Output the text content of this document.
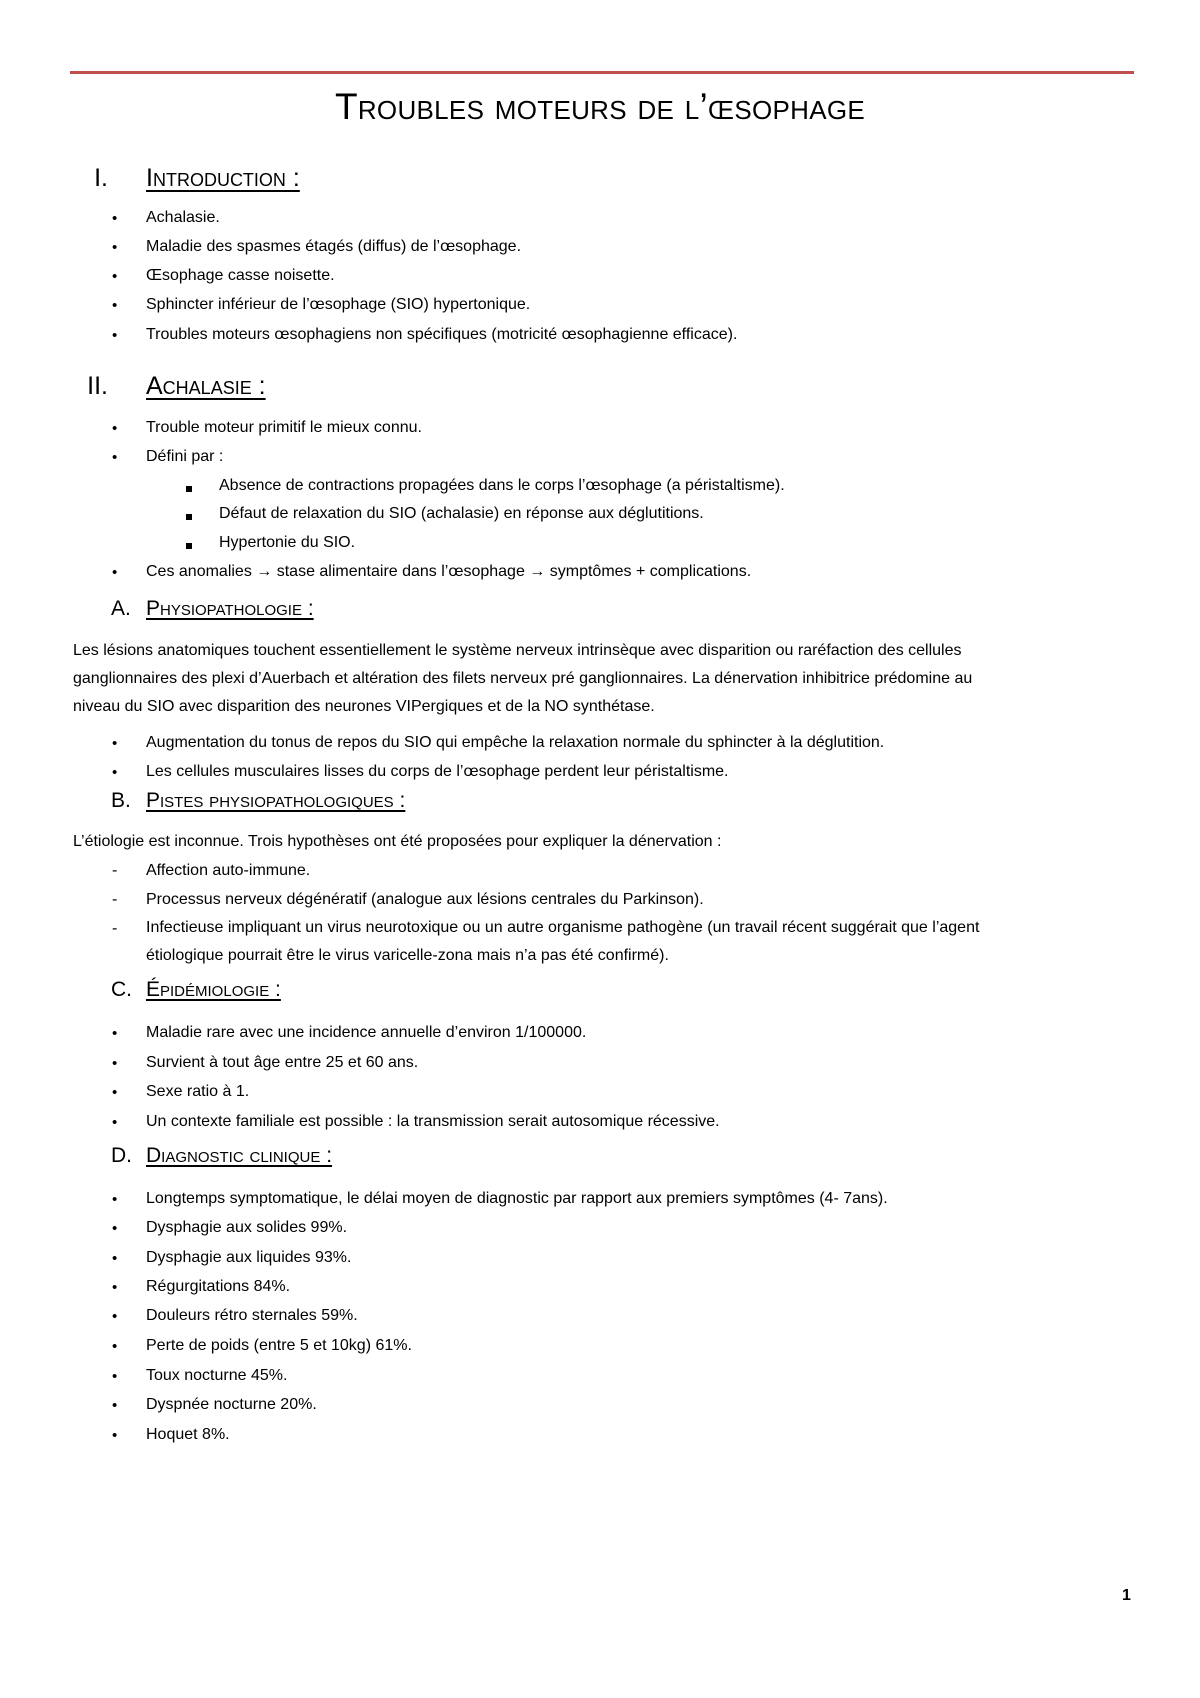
Troubles moteurs de l’œsophage
I. Introduction :
• Achalasie.
• Maladie des spasmes étagés (diffus) de l’œsophage.
• Œsophage casse noisette.
• Sphincter inférieur de l’œsophage (SIO) hypertonique.
• Troubles moteurs œsophagiens non spécifiques (motricité œsophagienne efficace).
II. Achalasie :
• Trouble moteur primitif le mieux connu.
• Défini par :
Absence de contractions propagées dans le corps l’œsophage (a péristaltisme).
Défaut de relaxation du SIO (achalasie) en réponse aux déglutitions.
Hypertonie du SIO.
• Ces anomalies → stase alimentaire dans l’œsophage → symptômes + complications.
A. Physiopathologie :
Les lésions anatomiques touchent essentiellement le système nerveux intrinsèque avec disparition ou raréfaction des cellules
ganglionnaires des plexi d’Auerbach et altération des filets nerveux pré ganglionnaires. La dénervation inhibitrice prédomine au
niveau du SIO avec disparition des neurones VIPergiques et de la NO synthétase.
• Augmentation du tonus de repos du SIO qui empêche la relaxation normale du sphincter à la déglutition.
• Les cellules musculaires lisses du corps de l’œsophage perdent leur péristaltisme.
B. Pistes physiopathologiques :
L’étiologie est inconnue. Trois hypothèses ont été proposées pour expliquer la dénervation :
- Affection auto-immune.
- Processus nerveux dégénératif (analogue aux lésions centrales du Parkinson).
- Infectieuse impliquant un virus neurotoxique ou un autre organisme pathogène (un travail récent suggérait que l’agent
étiologique pourrait être le virus varicelle-zona mais n’a pas été confirmé).
C. Épidémiologie :
• Maladie rare avec une incidence annuelle d’environ 1/100000.
• Survient à tout âge entre 25 et 60 ans.
• Sexe ratio à 1.
• Un contexte familiale est possible : la transmission serait autosomique récessive.
D. Diagnostic clinique :
• Longtemps symptomatique, le délai moyen de diagnostic par rapport aux premiers symptômes (4- 7ans).
• Dysphagie aux solides 99%.
• Dysphagie aux liquides 93%.
• Régurgitations 84%.
• Douleurs rétro sternales 59%.
• Perte de poids (entre 5 et 10kg) 61%.
• Toux nocturne 45%.
• Dyspnée nocturne 20%.
• Hoquet 8%.
1
